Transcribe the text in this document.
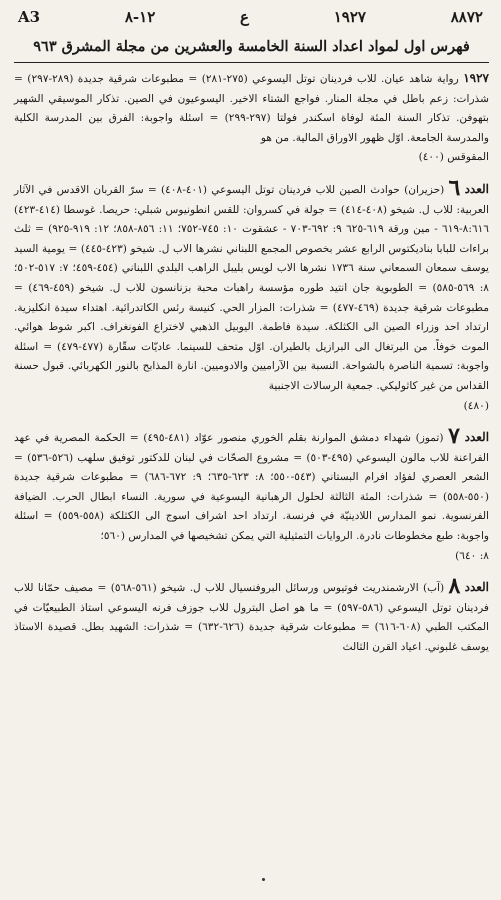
٨٨٧٢
١٩٢٧
ع
١٢-٨
A3
فهرس اول لمواد اعداد السنة الخامسة والعشرين من مجلة المشرق ٩٦٣

١٩٢٧ رواية شاهد عيان. للاب فردينان توتل اليسوعي (٢٧٥-٢٨١) = مطبوعات شرقية جديدة (٢٨٩-٢٩٧) = شذرات: زعم باطل في مجلة المنار. فواجع الشتاء الاخير. اليسوعيون في الصين. تذكار الموسيقي الشهير بتهوفن. تذكار السنة المئة لوفاة اسكندر فولتا (٢٩٧-٢٩٩) = اسئلة واجوبة: الفرق بين المدرسة الكلية والمدرسة الجامعة. اوّل ظهور الاوراق المالية. من هو

المقوقس (٤٠٠)

العدد ٦ (حزيران) حوادث الصين للاب فردينان توتل اليسوعي (٤٠١-٤٠٨) = سرّ القربان الاقدس في الآثار العربية: للاب ل. شيخو (٤٠٨-٤١٤) = جولة في كسروان: للقس انطونيوس شبلي: حريصا. غوسطا (٤١٤-٤٢٣) ٨:٦١٦-٦١٩ - مين ورقة ٦١٩-٦٢٥ ٩: ٦٩٢-٧٠٣ - عشقوت ١٠: ٧٤٥-٧٥٢؛ ١١: ٨٥٦-٨٥٨؛ ١٢: ٩١٩-٩٢٥) = ثلث براءات للبابا بناديكتوس الرابع عشر بخصوص المجمع اللبناني نشرها الاب ل. شيخو (٤٢٣-٤٤٥) = يومية السيد يوسف سمعان السمعاني سنة ١٧٣٦ نشرها الاب لويس بليبل الراهب البلدي اللبناني (٤٥٤-٤٥٩؛ ٧: ٥١٧-٥٠٢؛ ٨: ٥٦٩-٥٨٥) = الطوبوية جان انتيد طوره مؤسسة راهبات محبة بزنانسون للاب ل. شيخو (٤٥٩-٤٦٩) = مطبوعات شرقية جديدة (٤٦٩-٤٧٧) = شذرات: المزار الحي. كنيسة رئس الكاتدرائية. اهتداء سيدة انكليزية. ارتداد احد وزراء الصين الى الكثلكة. سيدة فاطمة. اليوبيل الذهبي لاختراع الفونغراف. اكبر شوط هوائي. الموت خوفاً. من البرتغال الى البرازيل بالطيران. اوّل متحف للسينما. عاديّات سقّارة (٤٧٧-٤٧٩) = اسئلة واجوبة: تسمية الناصرة بالشواحة. النسبة بين الآراميين والادوميين. انارة المذابح بالنور الكهربائي. قبول حسنة القداس من غير كاثوليكي. جمعية الرسالات الاجنبية

(٤٨٠)

العدد ٧ (تموز) شهداء دمشق الموارنة بقلم الخوري منصور عوّاد (٤٨١-٤٩٥) = الحكمة المصرية في عهد الفراعنة للاب مالون اليسوعي (٤٩٥-٥٠٣) = مشروع الصحّات في لبنان للدكتور توفيق سلهب (٥٢٦-٥٣٦) = الشعر العصري لفؤاد افرام البستاني (٥٤٣-٥٥٠؛ ٨: ٦٢٣-٦٣٥؛ ٩: ٦٧٢-٦٨٦) = مطبوعات شرقية جديدة (٥٥٠-٥٥٨) = شذرات: المئة الثالثة لحلول الرهبانية اليسوعية في سورية. النساء ابطال الحرب. الضيافة الفرنسوية. نمو المدارس اللادينيّة في فرنسة. ارتداد احد اشراف اسوج الى الكثلكة (٥٥٨-٥٥٩) = اسئلة واجوبة: طبع مخطوطات نادرة. الروايات التمثيلية التي يمكن تشخيصها في المدارس (٥٦٠؛

٨: ٦٤٠)

العدد ٨ (آب) الارشمندريت فوتيوس ورسائل البروفنسيال للاب ل. شيخو (٥٦١-٥٦٨) = مصيف حمّانا للاب فردينان توتل اليسوعي (٥٨٦-٥٩٧) = ما هو اصل البترول للاب جوزف فرنه اليسوعي استاذ الطبيعيّات في المكتب الطبي (٦٠٨-٦١٦) = مطبوعات شرقية جديدة (٦٢٦-٦٣٢) = شذرات: الشهيد بطل. قصيدة الاستاذ يوسف غلبوني. اعياد القرن الثالث
